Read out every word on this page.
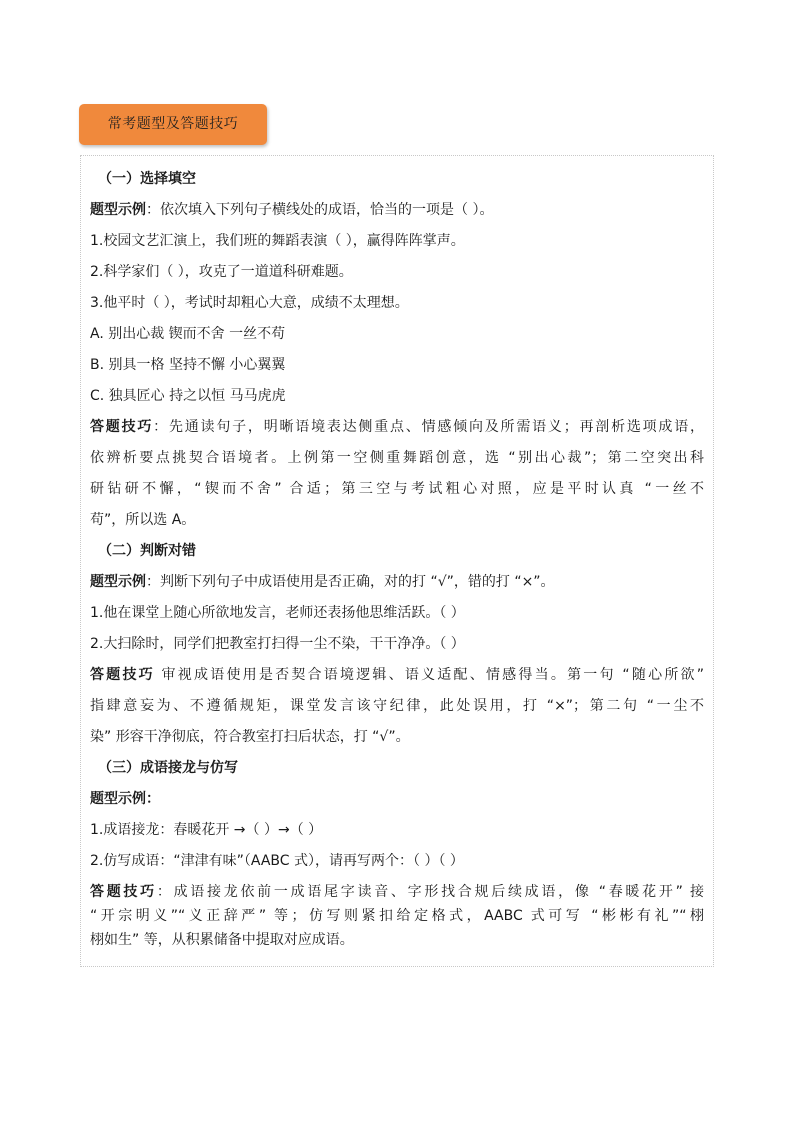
常考题型及答题技巧
（一）选择填空
题型示例：依次填入下列句子横线处的成语，恰当的一项是（ ）。
1.校园文艺汇演上，我们班的舞蹈表演（ ），赢得阵阵掌声。
2.科学家们（ ），攻克了一道道科研难题。
3.他平时（ ），考试时却粗心大意，成绩不太理想。
A. 别出心裁 锲而不舍 一丝不苟
B. 别具一格 坚持不懈 小心翼翼
C. 独具匠心 持之以恒 马马虎虎
答题技巧：先通读句子，明晰语境表达侧重点、情感倾向及所需语义；再剖析选项成语，
依辨析要点挑契合语境者。上例第一空侧重舞蹈创意，选 “别出心裁”；第二空突出科
研钻研不懈，“锲而不舍” 合适；第三空与考试粗心对照，应是平时认真 “一丝不
苟”，所以选 A。
（二）判断对错
题型示例：判断下列句子中成语使用是否正确，对的打 “√”，错的打 “×”。
1.他在课堂上随心所欲地发言，老师还表扬他思维活跃。（ ）
2.大扫除时，同学们把教室打扫得一尘不染，干干净净。（ ）
答题技巧 审视成语使用是否契合语境逻辑、语义适配、情感得当。第一句 “随心所欲”
指肆意妄为、不遵循规矩，课堂发言该守纪律，此处误用，打 “×”；第二句 “一尘不
染” 形容干净彻底，符合教室打扫后状态，打 “√”。
（三）成语接龙与仿写
题型示例：
1.成语接龙：春暖花开 →（ ）→（ ）
2.仿写成语：“津津有味”（AABC 式），请再写两个：（ ）（ ）
答题技巧：成语接龙依前一成语尾字读音、字形找合规后续成语，像 “春暖花开” 接
“开宗明义”“义正辞严” 等；仿写则紧扣给定格式，AABC 式可写 “彬彬有礼”“栩
栩如生” 等，从积累储备中提取对应成语。
